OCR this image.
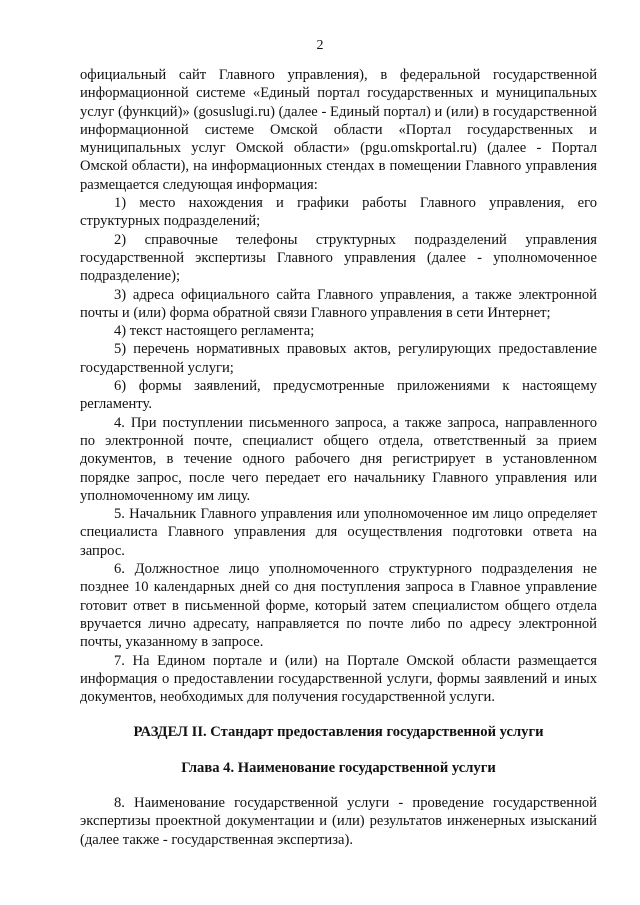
2

официальный сайт Главного управления), в федеральной государственной информационной системе «Единый портал государственных и муниципальных услуг (функций)» (gosuslugi.ru) (далее - Единый портал) и (или) в государственной информационной системе Омской области «Портал государственных и муниципальных услуг Омской области» (pgu.omskportal.ru) (далее - Портал Омской области), на информационных стендах в помещении Главного управления размещается следующая информация:

1) место нахождения и графики работы Главного управления, его структурных подразделений;

2) справочные телефоны структурных подразделений управления государственной экспертизы Главного управления (далее - уполномоченное подразделение);

3) адреса официального сайта Главного управления, а также электронной почты и (или) форма обратной связи Главного управления в сети Интернет;

4) текст настоящего регламента;

5) перечень нормативных правовых актов, регулирующих предоставление государственной услуги;

6) формы заявлений, предусмотренные приложениями к настоящему регламенту.

4. При поступлении письменного запроса, а также запроса, направленного по электронной почте, специалист общего отдела, ответственный за прием документов, в течение одного рабочего дня регистрирует в установленном порядке запрос, после чего передает его начальнику Главного управления или уполномоченному им лицу.

5. Начальник Главного управления или уполномоченное им лицо определяет специалиста Главного управления для осуществления подготовки ответа на запрос.

6. Должностное лицо уполномоченного структурного подразделения не позднее 10 календарных дней со дня поступления запроса в Главное управление готовит ответ в письменной форме, который затем специалистом общего отдела вручается лично адресату, направляется по почте либо по адресу электронной почты, указанному в запросе.

7. На Едином портале и (или) на Портале Омской области размещается информация о предоставлении государственной услуги, формы заявлений и иных документов, необходимых для получения государственной услуги.

РАЗДЕЛ II. Стандарт предоставления государственной услуги

Глава 4. Наименование государственной услуги

8. Наименование государственной услуги - проведение государственной экспертизы проектной документации и (или) результатов инженерных изысканий (далее также - государственная экспертиза).
